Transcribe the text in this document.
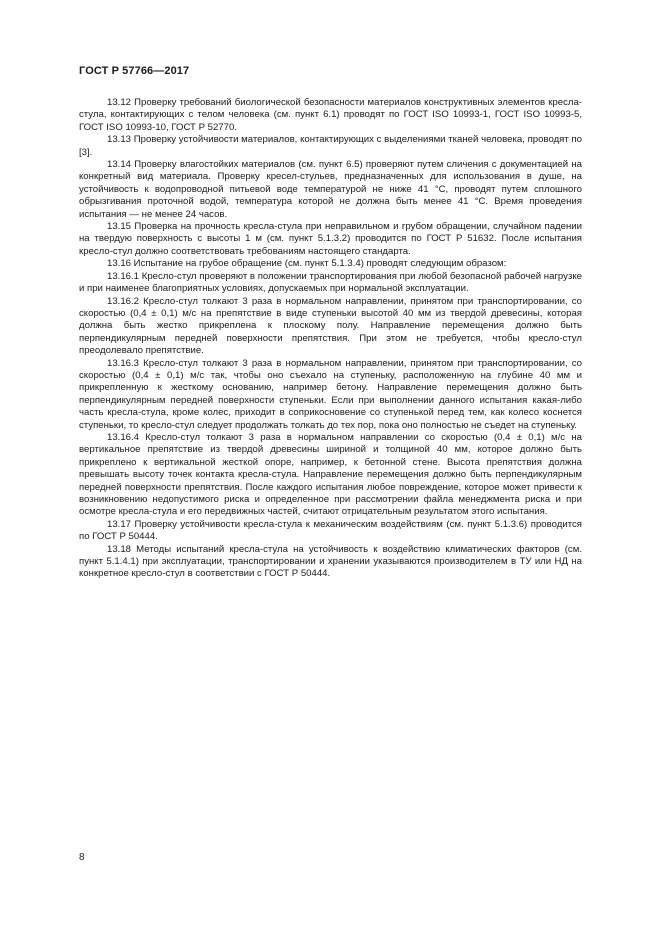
ГОСТ Р 57766—2017

13.12 Проверку требований биологической безопасности материалов конструктивных элементов кресла-стула, контактирующих с телом человека (см. пункт 6.1) проводят по ГОСТ ISO 10993-1, ГОСТ ISO 10993-5, ГОСТ ISO 10993-10, ГОСТ Р 52770.

13.13 Проверку устойчивости материалов, контактирующих с выделениями тканей человека, проводят по [3].

13.14 Проверку влагостойких материалов (см. пункт 6.5) проверяют путем сличения с документацией на конкретный вид материала. Проверку кресел-стульев, предназначенных для использования в душе, на устойчивость к водопроводной питьевой воде температурой не ниже 41 °С, проводят путем сплошного обрызгивания проточной водой, температура которой не должна быть менее 41 °С. Время проведения испытания — не менее 24 часов.

13.15 Проверка на прочность кресла-стула при неправильном и грубом обращении, случайном падении на твердую поверхность с высоты 1 м (см. пункт 5.1.3.2) проводится по ГОСТ Р 51632. После испытания кресло-стул должно соответствовать требованиям настоящего стандарта.

13.16 Испытание на грубое обращение (см. пункт 5.1.3.4) проводят следующим образом:

13.16.1 Кресло-стул проверяют в положении транспортирования при любой безопасной рабочей нагрузке и при наименее благоприятных условиях, допускаемых при нормальной эксплуатации.

13.16.2 Кресло-стул толкают 3 раза в нормальном направлении, принятом при транспортировании, со скоростью (0,4 ± 0,1) м/с на препятствие в виде ступеньки высотой 40 мм из твердой древесины, которая должна быть жестко прикреплена к плоскому полу. Направление перемещения должно быть перпендикулярным передней поверхности препятствия. При этом не требуется, чтобы кресло-стул преодолевало препятствие.

13.16.3 Кресло-стул толкают 3 раза в нормальном направлении, принятом при транспортировании, со скоростью (0,4 ± 0,1) м/с так, чтобы оно съехало на ступеньку, расположенную на глубине 40 мм и прикрепленную к жесткому основанию, например бетону. Направление перемещения должно быть перпендикулярным передней поверхности ступеньки. Если при выполнении данного испытания какая-либо часть кресла-стула, кроме колес, приходит в соприкосновение со ступенькой перед тем, как колесо коснется ступеньки, то кресло-стул следует продолжать толкать до тех пор, пока оно полностью не съедет на ступеньку.

13.16.4 Кресло-стул толкают 3 раза в нормальном направлении со скоростью (0,4 ± 0,1) м/с на вертикальное препятствие из твердой древесины шириной и толщиной 40 мм, которое должно быть прикреплено к вертикальной жесткой опоре, например, к бетонной стене. Высота препятствия должна превышать высоту точек контакта кресла-стула. Направление перемещения должно быть перпендикулярным передней поверхности препятствия. После каждого испытания любое повреждение, которое может привести к возникновению недопустимого риска и определенное при рассмотрении файла менеджмента риска и при осмотре кресла-стула и его передвижных частей, считают отрицательным результатом этого испытания.

13.17 Проверку устойчивости кресла-стула к механическим воздействиям (см. пункт 5.1.3.6) проводится по ГОСТ Р 50444.

13.18 Методы испытаний кресла-стула на устойчивость к воздействию климатических факторов (см. пункт 5.1.4.1) при эксплуатации, транспортировании и хранении указываются производителем в ТУ или НД на конкретное кресло-стул в соответствии с ГОСТ Р 50444.

8
